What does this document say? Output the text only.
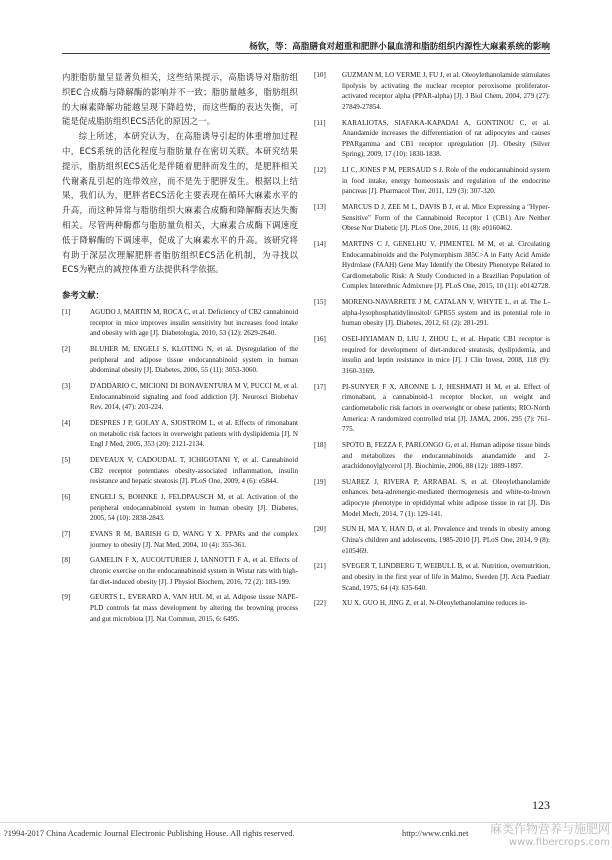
杨钦，等：高脂膳食对超重和肥胖小鼠血清和脂肪组织内源性大麻素系统的影响

内脏脂肪量呈显著负相关，这些结果提示，高脂诱导对脂肪组织EC合成酶与降解酶的影响并不一致；脂肪量越多，脂肪组织的大麻素降解功能越呈现下降趋势，而这些酶的表达失衡，可能是促成脂肪组织ECS活化的原因之一。

综上所述，本研究认为，在高脂诱导引起的体重增加过程中，ECS系统的活化程度与脂肪量存在密切关联。本研究结果提示，脂肪组织ECS活化是伴随着肥胖而发生的，是肥胖相关代谢紊乱引起的连带效应，而不是先于肥胖发生。根据以上结果，我们认为，肥胖者ECS活化主要表现在循环大麻素水平的升高，而这种异常与脂肪组织大麻素合成酶和降解酶表达失衡相关。尽管两种酶都与脂肪量负相关，大麻素合成酶下调速度低于降解酶的下调速率，促成了大麻素水平的升高。该研究将有助于深层次理解肥胖者脂肪组织ECS活化机制，为寻找以ECS为靶点的减控体重方法提供科学依据。

参考文献：
[1]	AGUDO J, MARTIN M, ROCA C, et al. Deficiency of CB2 cannabinoid receptor in mice improves insulin sensitivity but increases food intake and obesity with age [J]. Diabetologia, 2010, 53 (12): 2629-2640.
[2]	BLUHER M, ENGELI S, KLOTING N, et al. Dysregulation of the peripheral and adipose tissue endocannabinoid system in human abdominal obesity [J]. Diabetes, 2006, 55 (11): 3053-3060.
[3]	D'ADDARIO C, MICIONI DI BONAVENTURA M V, PUCCI M, et al. Endocannabinoid signaling and food addiction [J]. Neurosci Biobehav Rev, 2014, (47): 203-224.
[4]	DESPRES J P, GOLAY A, SJOSTROM L, et al. Effects of rimonabant on metabolic risk factors in overweight patients with dyslipidemia [J]. N Engl J Med, 2005, 353 (20): 2121-2134.
[5]	DEVEAUX V, CADOUDAL T, ICHIGOTANI Y, et al. Cannabinoid CB2 receptor potentiates obesity-associated inflammation, insulin resistance and hepatic steatosis [J]. PLoS One, 2009, 4 (6): e5844.
[6]	ENGELI S, BOHNKE J, FELDPAUSCH M, et al. Activation of the peripheral endocannabinoid system in human obesity [J]. Diabetes, 2005, 54 (10): 2838-2843.
[7]	EVANS R M, BARISH G D, WANG Y X. PPARs and the complex journey to obesity [J]. Nat Med, 2004, 10 (4): 355-361.
[8]	GAMELIN F X, AUCOUTURIER J, IANNOTTI F A, et al. Effects of chronic exercise on the endocannabinoid system in Wistar rats with high-fat diet-induced obesity [J]. J Physiol Biochem, 2016, 72 (2): 183-199.
[9]	GEURTS L, EVERARD A, VAN HUL M, et al. Adipose tissue NAPE-PLD controls fat mass development by altering the browning process and gut microbiota [J]. Nat Commun, 2015, 6: 6495.
[10] GUZMAN M, LO VERME J, FU J, et al. Oleoylethanolamide stimulates lipolysis by activating the nuclear receptor peroxisome proliferator-activated receptor alpha (PPAR-alpha) [J]. J Biol Chem, 2004, 279 (27): 27849-27854.
[11] KARALIOTAS, SIAFAKA-KAPADAI A, GONTINOU C, et al. Anandamide increases the differentiation of rat adipocytes and causes PPARgamma and CB1 receptor upregulation [J]. Obesity (Silver Spring), 2009, 17 (10): 1830-1838.
[12] LI C, JONES P M, PERSAUD S J. Role of the endocannabinoid system in food intake, energy homeostasis and regulation of the endocrine pancreas [J]. Pharmacol Ther, 2011, 129 (3): 307-320.
[13] MARCUS D J, ZEE M L, DAVIS B J, et al. Mice Expressing a "Hyper-Sensitive" Form of the Cannabinoid Receptor 1 (CB1) Are Neither Obese Nor Diabetic [J]. PLoS One, 2016, 11 (8): e0160462.
[14] MARTINS C J, GENELHU V, PIMENTEL M M, et al. Circulating Endocannabinoids and the Polymorphism 385C>A in Fatty Acid Amide Hydrolase (FAAH) Gene May Identify the Obesity Phenotype Related to Cardiometabolic Risk: A Study Conducted in a Brazilian Population of Complex Interethnic Admixture [J]. PLoS One, 2015, 10 (11): e0142728.
[15] MORENO-NAVARRETE J M, CATALAN V, WHYTE L, et al. The L-alpha-lysophosphatidylinositol/ GPR55 system and its potential role in human obesity [J]. Diabetes, 2012, 61 (2): 281-291.
[16] OSEI-HYIAMAN D, LIU J, ZHOU L, et al. Hepatic CB1 receptor is required for development of diet-induced steatosis, dyslipidemia, and insulin and leptin resistance in mice [J]. J Clin Invest, 2008, 118 (9): 3160-3169.
[17] PI-SUNYER F X, ARONNE L J, HESHMATI H M, et al. Effect of rimonabant, a cannabinoid-1 receptor blocker, on weight and cardiometabolic risk factors in overweight or obese patients; RIO-North America: A randomized controlled trial [J]. JAMA, 2006, 295 (7): 761-775.
[18] SPOTO B, FEZZA F, PARLONGO G, et al. Human adipose tissue binds and metabolizes the endocannabinoids anandamide and 2-arachidonoylglycerol [J]. Biochimie, 2006, 88 (12): 1889-1897.
[19] SUAREZ J, RIVERA P, ARRABAL S, et al. Oleoylethanolamide enhances beta-adrenergic-mediated thermogenesis and white-to-brown adipocyte phenotype in epididymal white adipose tissue in rat [J]. Dis Model Mech, 2014, 7 (1): 129-141.
[20] SUN H, MA Y, HAN D, et al. Prevalence and trends in obesity among China's children and adolescents, 1985-2010 [J]. PLoS One, 2014, 9 (8): e105469.
[21] SVEGER T, LINDBERG T, WEIBULL B, et al. Nutrition, overnutrition, and obesity in the first year of life in Malmo, Sweden [J]. Acta Paediatr Scand, 1975, 64 (4): 635-640.
[22] XU X, GUO H, JING Z, et al. N-Oleoylethanolamine reduces in-
123
?1994-2017 China Academic Journal Electronic Publishing House. All rights reserved.	http://www.cnki.net 麻类作物营养与施肥网
www.fibercrops.com
